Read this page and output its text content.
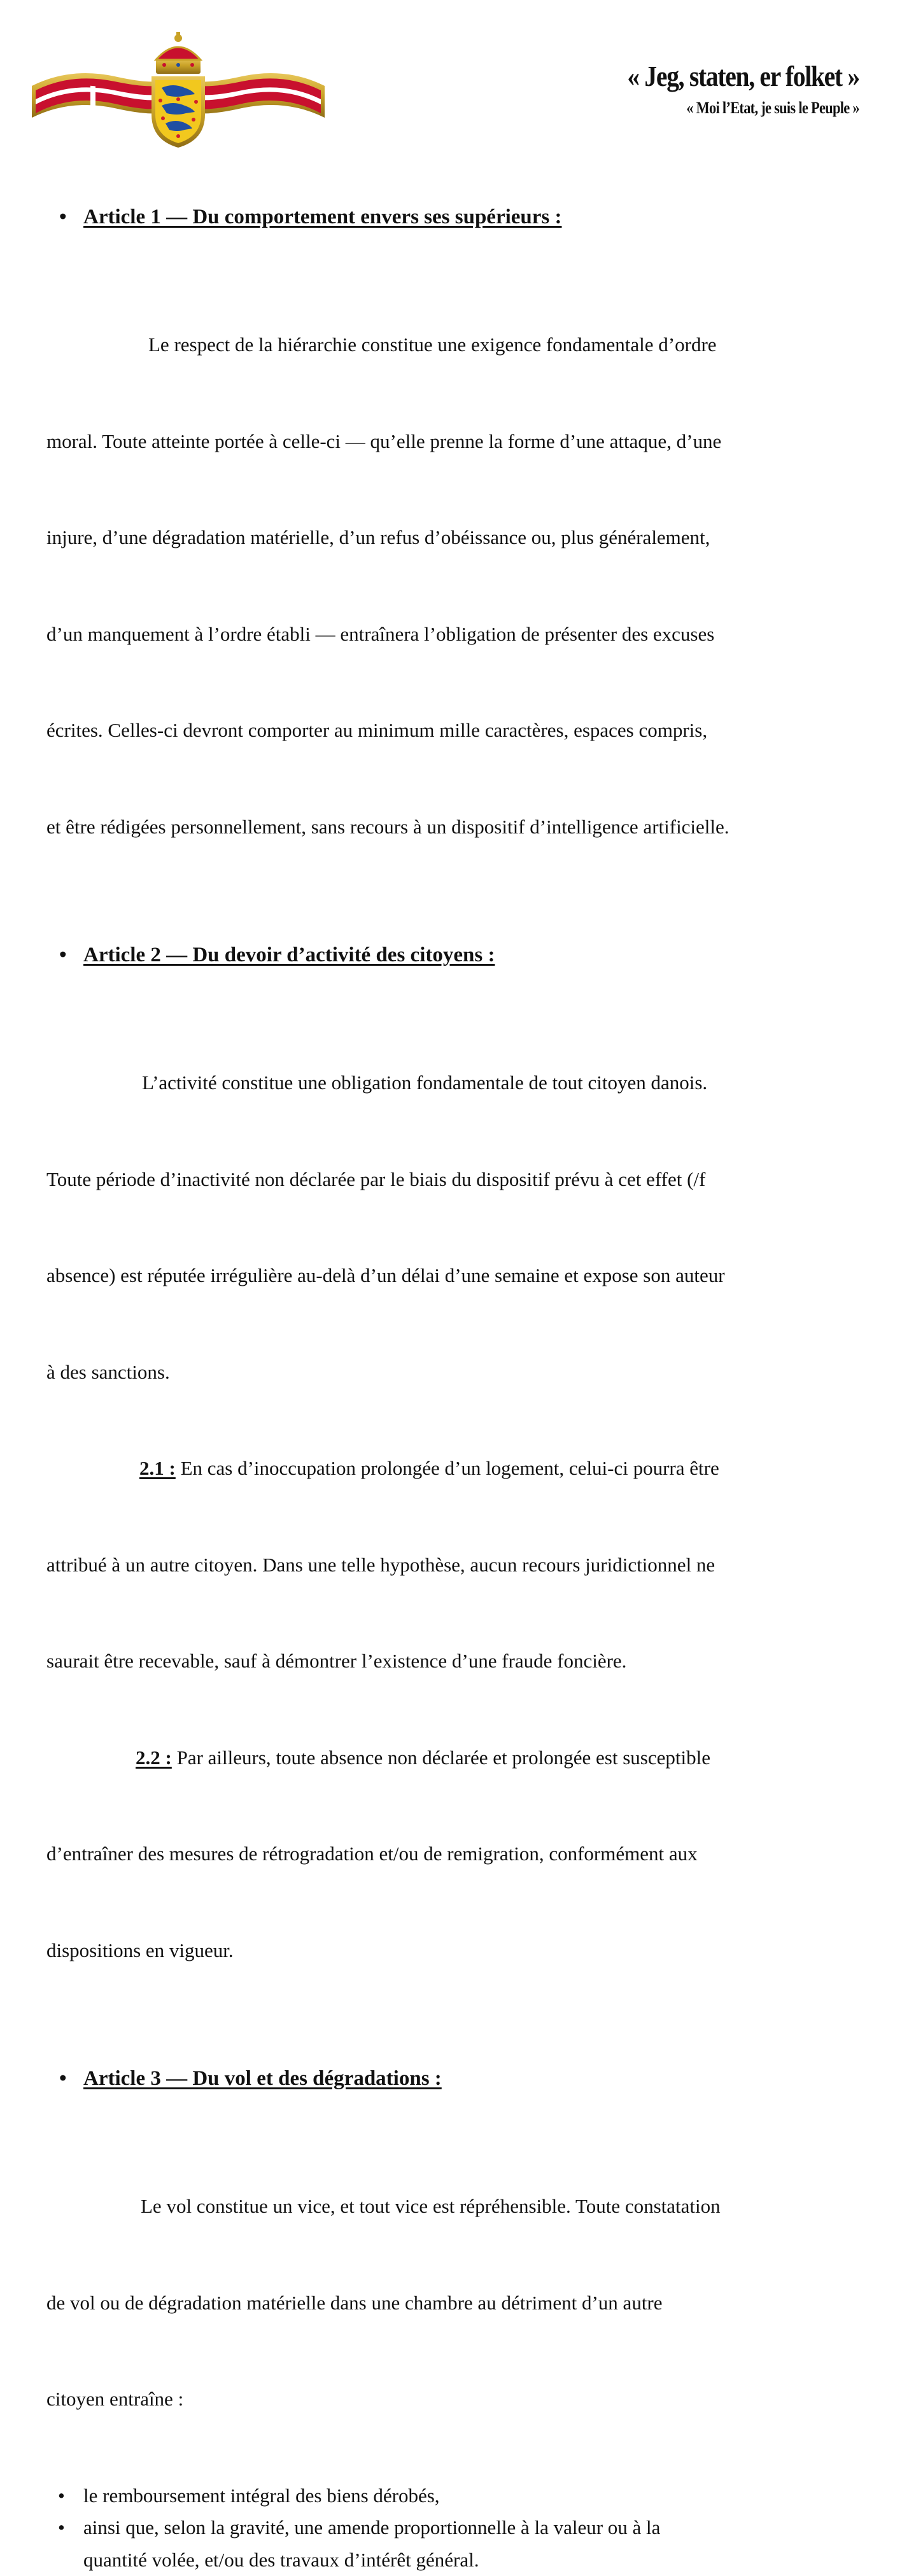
« Jeg, staten, er folket »
« Moi l’Etat, je suis le Peuple »
• Article 1 — Du comportement envers ses supérieurs :

Le respect de la hiérarchie constitue une exigence fondamentale d’ordre

moral. Toute atteinte portée à celle-ci — qu’elle prenne la forme d’une attaque, d’une

injure, d’une dégradation matérielle, d’un refus d’obéissance ou, plus généralement,

d’un manquement à l’ordre établi — entraînera l’obligation de présenter des excuses

écrites. Celles-ci devront comporter au minimum mille caractères, espaces compris,

et être rédigées personnellement, sans recours à un dispositif d’intelligence artificielle.

• Article 2 — Du devoir d’activité des citoyens :

L’activité constitue une obligation fondamentale de tout citoyen danois.

Toute période d’inactivité non déclarée par le biais du dispositif prévu à cet effet (/f

absence) est réputée irrégulière au-delà d’un délai d’une semaine et expose son auteur

à des sanctions.

2.1 : En cas d’inoccupation prolongée d’un logement, celui-ci pourra être

attribué à un autre citoyen. Dans une telle hypothèse, aucun recours juridictionnel ne

saurait être recevable, sauf à démontrer l’existence d’une fraude foncière.

2.2 : Par ailleurs, toute absence non déclarée et prolongée est susceptible

d’entraîner des mesures de rétrogradation et/ou de remigration, conformément aux

dispositions en vigueur.

• Article 3 — Du vol et des dégradations :

Le vol constitue un vice, et tout vice est répréhensible. Toute constatation

de vol ou de dégradation matérielle dans une chambre au détriment d’un autre

citoyen entraîne :

• le remboursement intégral des biens dérobés,
• ainsi que, selon la gravité, une amende proportionnelle à la valeur ou à la
quantité volée, et/ou des travaux d’intérêt général.
